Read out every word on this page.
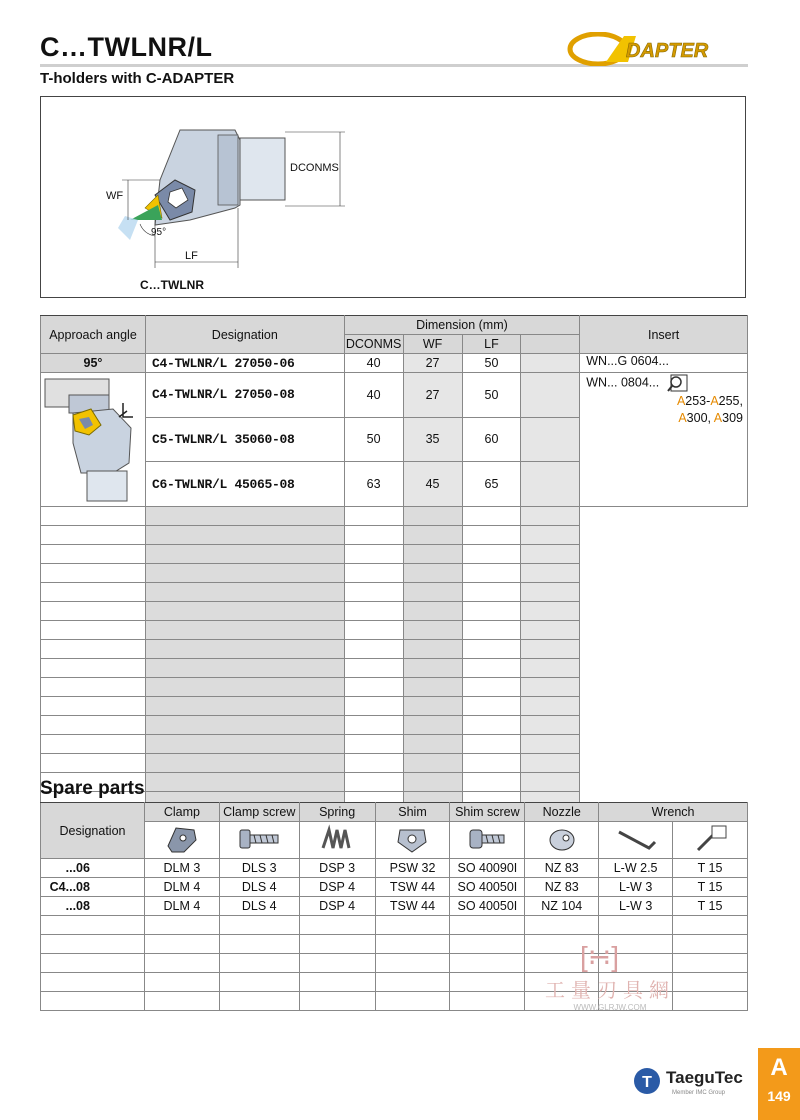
C…TWLNR/L
T-holders with C-ADAPTER
DAPTER
DCONMS
WF
95°
LF
C…TWLNR
Approach angle	Designation	Dimension (mm)				Insert
		DCONMS	WF	LF		
95°	C4-TWLNR/L 27050-06	40	27	50		WN...G 0604...
	C4-TWLNR/L 27050-08	40	27	50		WN... 0804...
A253-A255,
A300, A309

	C5-TWLNR/L 35060-08	50	35	60		
	C6-TWLNR/L 45065-08	63	45	65		

Spare parts
Designation	Clamp	Clamp screw	Spring	Shim	Shim screw	Nozzle	Wrench	

...06	DLM 3	DLS 3	DSP 3	PSW 32	SO 40090I	NZ 83	L-W 2.5	T 15
C4...08	DLM 4	DLS 4	DSP 4	TSW 44	SO 40050I	NZ 83	L-W 3	T 15
...08	DLM 4	DLS 4	DSP 4	TSW 44	SO 40050I	NZ 104	L-W 3	T 15

[∺]
工量刃具網
WWW.GLRJW.COM
T TaeguTec
Member IMC Group
A
149
